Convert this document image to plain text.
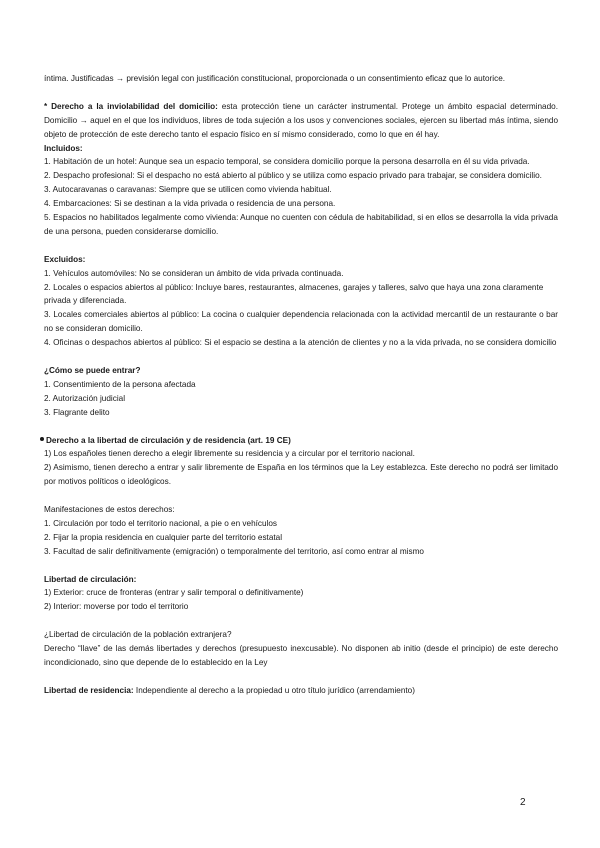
íntima. Justificadas → previsión legal con justificación constitucional, proporcionada o un consentimiento eficaz que lo autorice.

* Derecho a la inviolabilidad del domicilio: esta protección tiene un carácter instrumental. Protege un ámbito espacial determinado. Domicilio → aquel en el que los individuos, libres de toda sujeción a los usos y convenciones sociales, ejercen su libertad más íntima, siendo objeto de protección de este derecho tanto el espacio físico en sí mismo considerado, como lo que en él hay.

Incluidos:

1. Habitación de un hotel: Aunque sea un espacio temporal, se considera domicilio porque la persona desarrolla en él su vida privada.

2. Despacho profesional: Si el despacho no está abierto al público y se utiliza como espacio privado para trabajar, se considera domicilio.

3. Autocaravanas o caravanas: Siempre que se utilicen como vivienda habitual.

4. Embarcaciones: Si se destinan a la vida privada o residencia de una persona.

5. Espacios no habilitados legalmente como vivienda: Aunque no cuenten con cédula de habitabilidad, si en ellos se desarrolla la vida privada de una persona, pueden considerarse domicilio.

Excluidos:

1. Vehículos automóviles: No se consideran un ámbito de vida privada continuada.

2. Locales o espacios abiertos al público: Incluye bares, restaurantes, almacenes, garajes y talleres, salvo que haya una zona claramente privada y diferenciada.

3. Locales comerciales abiertos al público: La cocina o cualquier dependencia relacionada con la actividad mercantil de un restaurante o bar no se consideran domicilio.

4. Oficinas o despachos abiertos al público: Si el espacio se destina a la atención de clientes y no a la vida privada, no se considera domicilio

¿Cómo se puede entrar?

1. Consentimiento de la persona afectada

2. Autorización judicial

3. Flagrante delito

Derecho a la libertad de circulación y de residencia (art. 19 CE)

1) Los españoles tienen derecho a elegir libremente su residencia y a circular por el territorio nacional.

2) Asimismo, tienen derecho a entrar y salir libremente de España en los términos que la Ley establezca. Este derecho no podrá ser limitado por motivos políticos o ideológicos.

Manifestaciones de estos derechos:

1. Circulación por todo el territorio nacional, a pie o en vehículos

2. Fijar la propia residencia en cualquier parte del territorio estatal

3. Facultad de salir definitivamente (emigración) o temporalmente del territorio, así como entrar al mismo

Libertad de circulación:

1) Exterior: cruce de fronteras (entrar y salir temporal o definitivamente)

2) Interior: moverse por todo el territorio

¿Libertad de circulación de la población extranjera?

Derecho “llave” de las demás libertades y derechos (presupuesto inexcusable). No disponen ab initio (desde el principio) de este derecho incondicionado, sino que depende de lo establecido en la Ley

Libertad de residencia: Independiente al derecho a la propiedad u otro título jurídico (arrendamiento)

2
